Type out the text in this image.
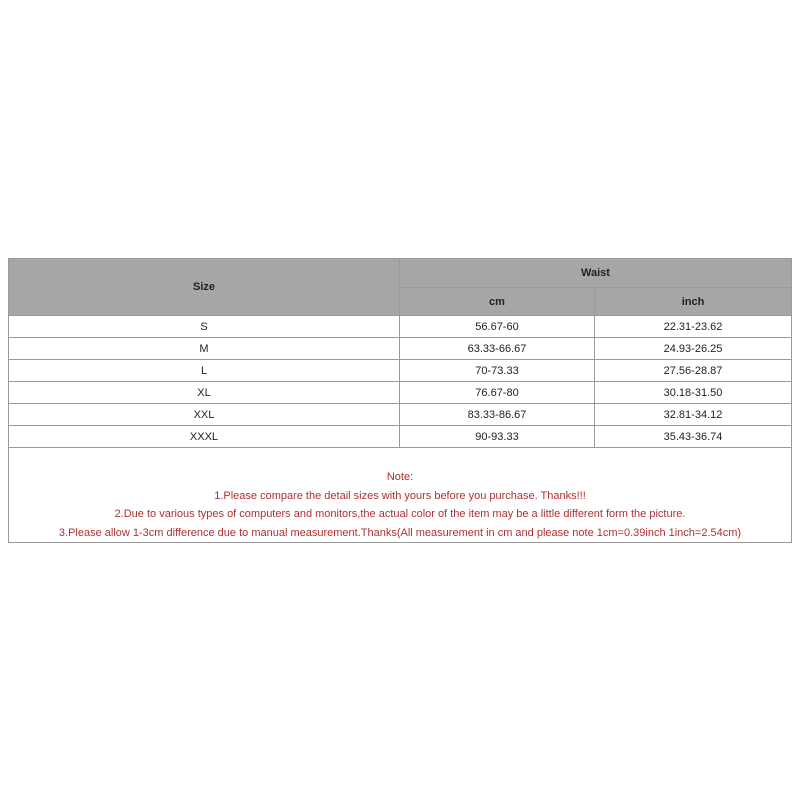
Size	Waist	
	cm	inch
S	56.67-60	22.31-23.62
M	63.33-66.67	24.93-26.25
L	70-73.33	27.56-28.87
XL	76.67-80	30.18-31.50
XXL	83.33-86.67	32.81-34.12
XXXL	90-93.33	35.43-36.74

Note:
1.Please compare the detail sizes with yours before you purchase. Thanks!!!
2.Due to various types of computers and monitors,the actual color of the item may be a little different form the picture.
3.Please allow 1-3cm difference due to manual measurement.Thanks(All measurement in cm and please note 1cm=0.39inch 1inch=2.54cm)		
